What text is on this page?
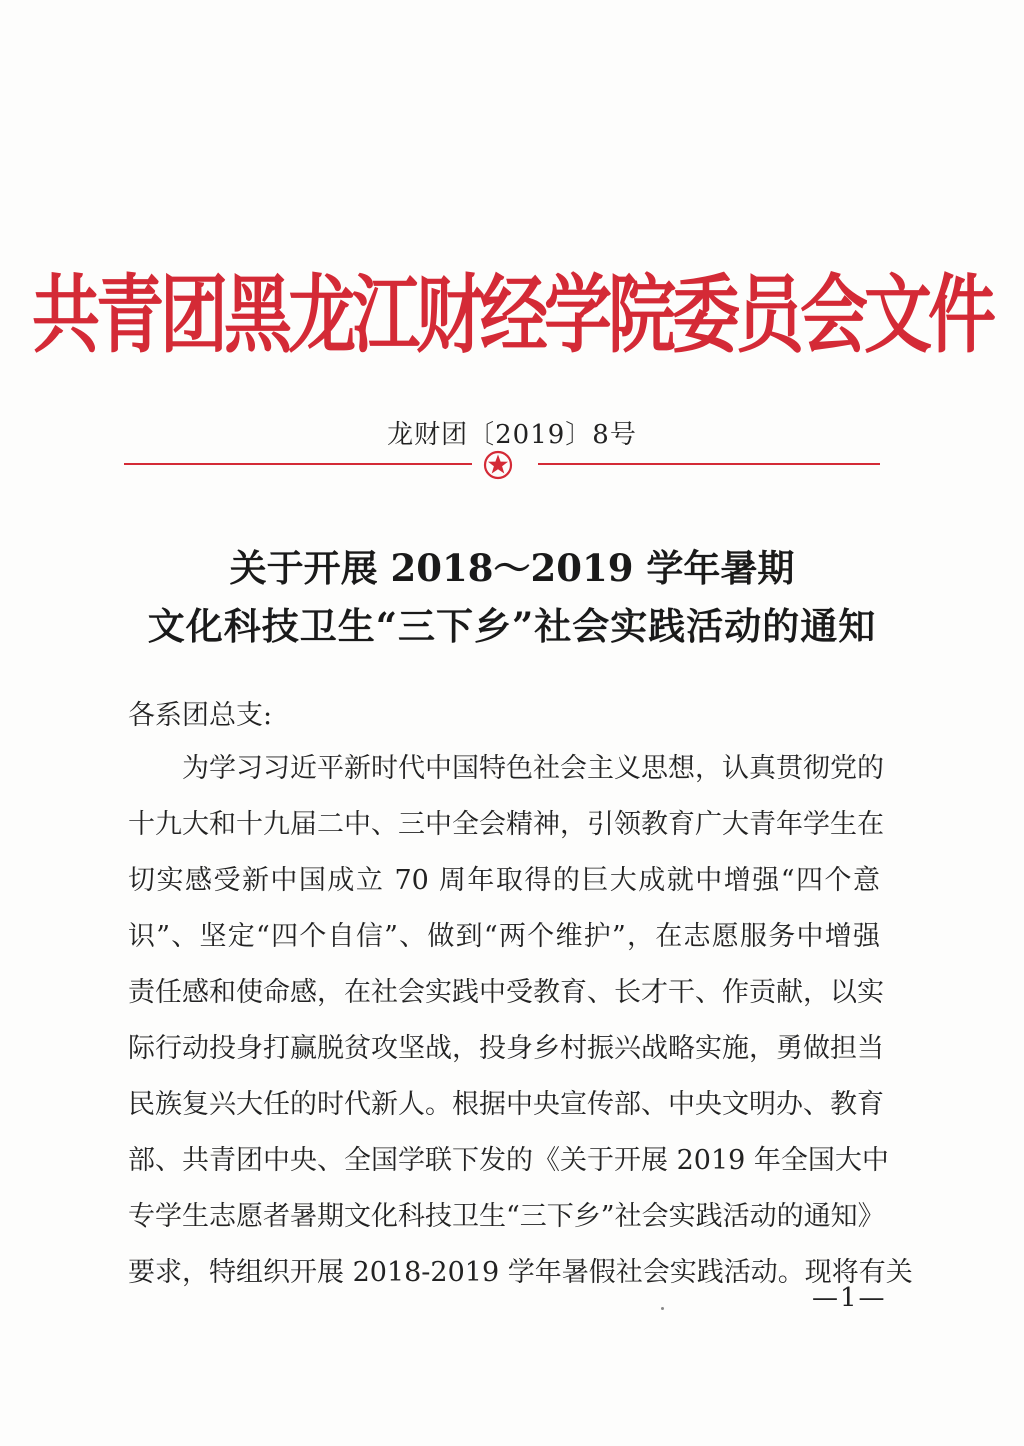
共青团黑龙江财经学院委员会文件
龙财团〔2019〕8号
关于开展 2018～2019 学年暑期
文化科技卫生“三下乡”社会实践活动的通知
各系团总支:
为学习习近平新时代中国特色社会主义思想，认真贯彻党的
十九大和十九届二中、三中全会精神，引领教育广大青年学生在
切实感受新中国成立 70 周年取得的巨大成就中增强“四个意
识”、坚定“四个自信”、做到“两个维护”，在志愿服务中增强
责任感和使命感，在社会实践中受教育、长才干、作贡献，以实
际行动投身打赢脱贫攻坚战，投身乡村振兴战略实施，勇做担当
民族复兴大任的时代新人。根据中央宣传部、中央文明办、教育
部、共青团中央、全国学联下发的《关于开展 2019 年全国大中
专学生志愿者暑期文化科技卫生“三下乡”社会实践活动的通知》
要求，特组织开展 2018-2019 学年暑假社会实践活动。现将有关
—1—
